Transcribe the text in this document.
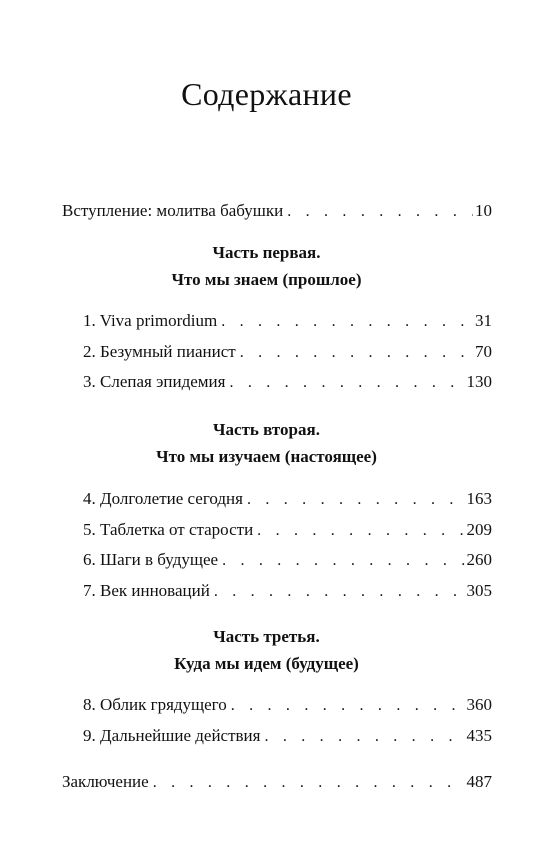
Содержание
Вступление: молитва бабушки . . .	10
Часть первая.
Что мы знаем (прошлое)
1. Viva primordium . . .	31
2. Безумный пианист . . .	70
3. Слепая эпидемия . . .	130
Часть вторая.
Что мы изучаем (настоящее)
4. Долголетие сегодня . . .	163
5. Таблетка от старости . . .	209
6. Шаги в будущее . . .	260
7. Век инноваций . . .	305
Часть третья.
Куда мы идем (будущее)
8. Облик грядущего . . .	360
9. Дальнейшие действия . . .	435
Заключение . . .	487
